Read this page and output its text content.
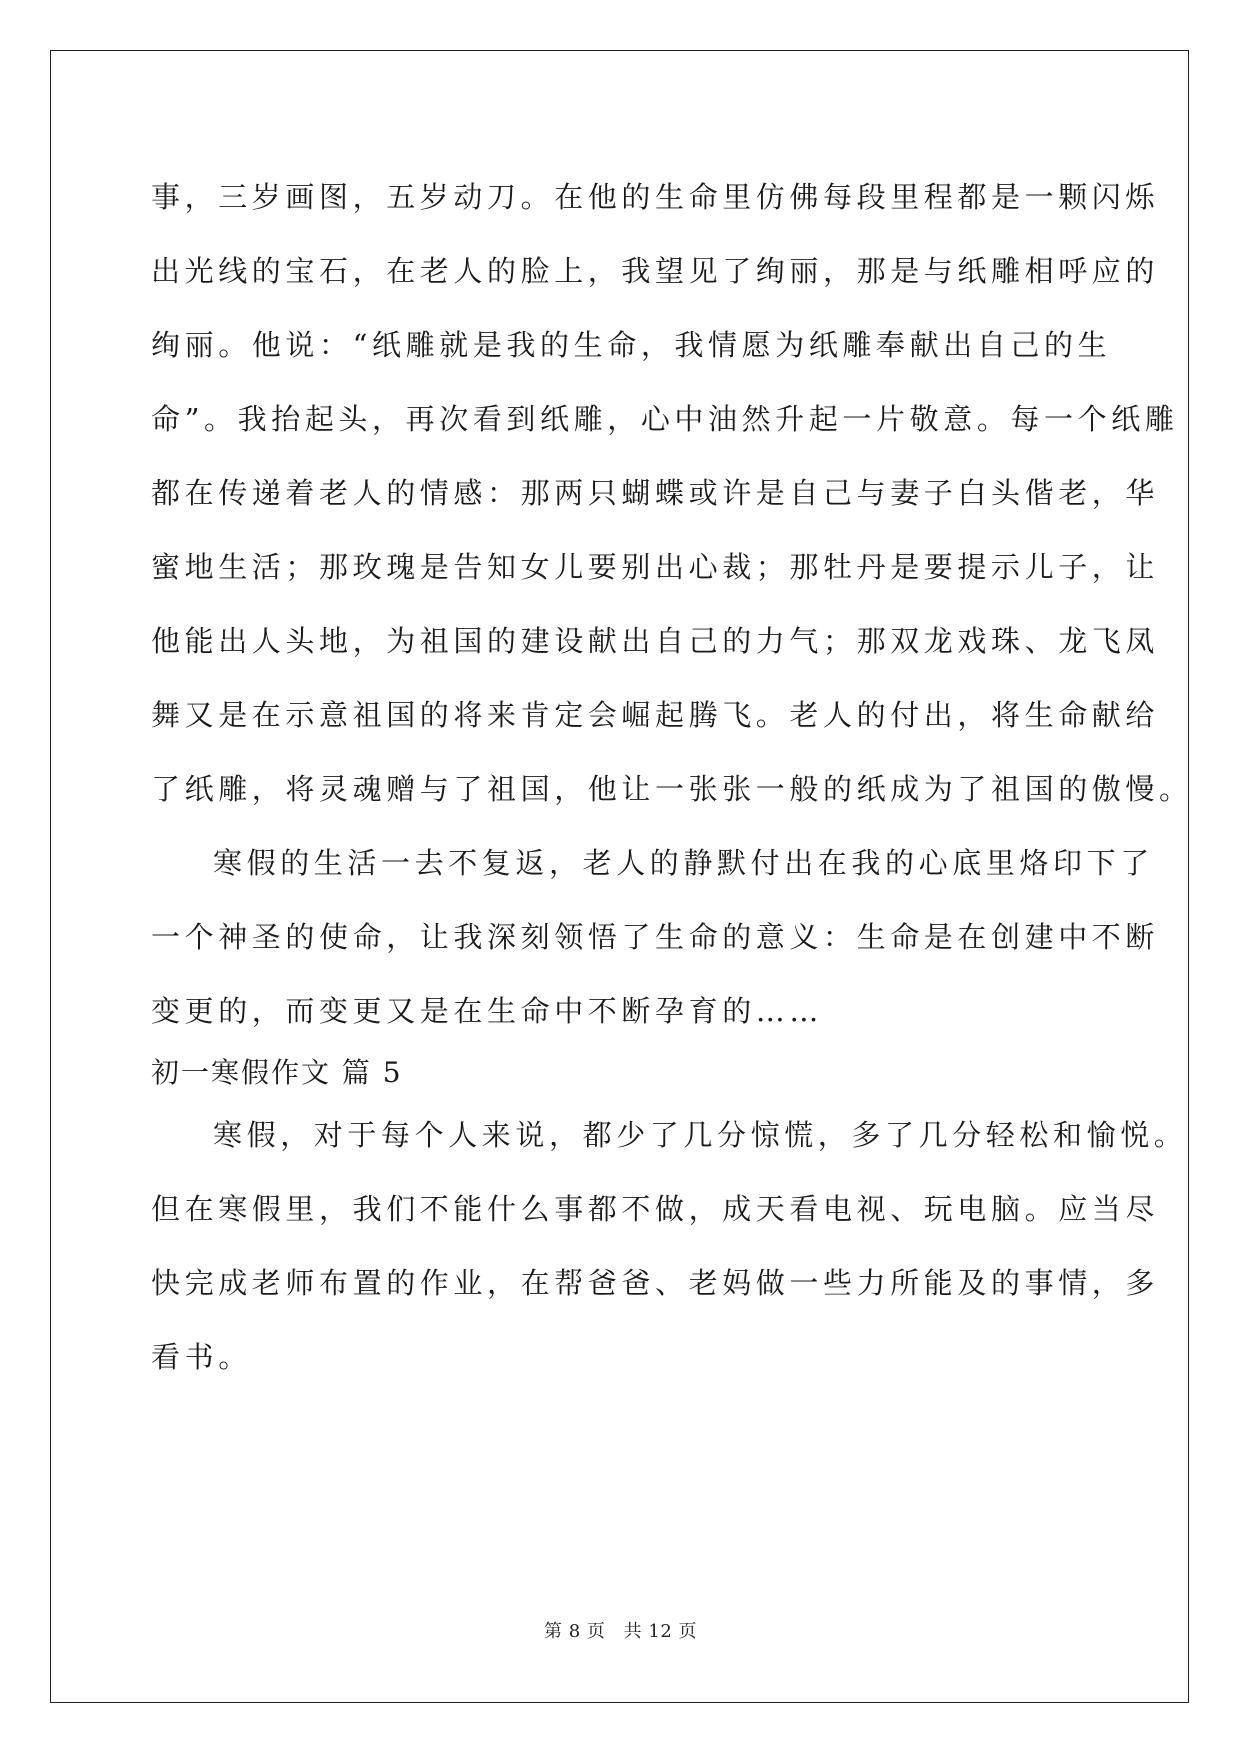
事，三岁画图，五岁动刀。在他的生命里仿佛每段里程都是一颗闪烁
出光线的宝石，在老人的脸上，我望见了绚丽，那是与纸雕相呼应的
绚丽。他说：“纸雕就是我的生命，我情愿为纸雕奉献出自己的生
命”。我抬起头，再次看到纸雕，心中油然升起一片敬意。每一个纸雕
都在传递着老人的情感：那两只蝴蝶或许是自己与妻子白头偕老，华
蜜地生活；那玫瑰是告知女儿要别出心裁；那牡丹是要提示儿子，让
他能出人头地，为祖国的建设献出自己的力气；那双龙戏珠、龙飞凤
舞又是在示意祖国的将来肯定会崛起腾飞。老人的付出，将生命献给
了纸雕，将灵魂赠与了祖国，他让一张张一般的纸成为了祖国的傲慢。
寒假的生活一去不复返，老人的静默付出在我的心底里烙印下了
一个神圣的使命，让我深刻领悟了生命的意义：生命是在创建中不断
变更的，而变更又是在生命中不断孕育的……
初一寒假作文 篇 5
寒假，对于每个人来说，都少了几分惊慌，多了几分轻松和愉悦。
但在寒假里，我们不能什么事都不做，成天看电视、玩电脑。应当尽
快完成老师布置的作业，在帮爸爸、老妈做一些力所能及的事情，多
看书。
第 8 页 共 12 页
